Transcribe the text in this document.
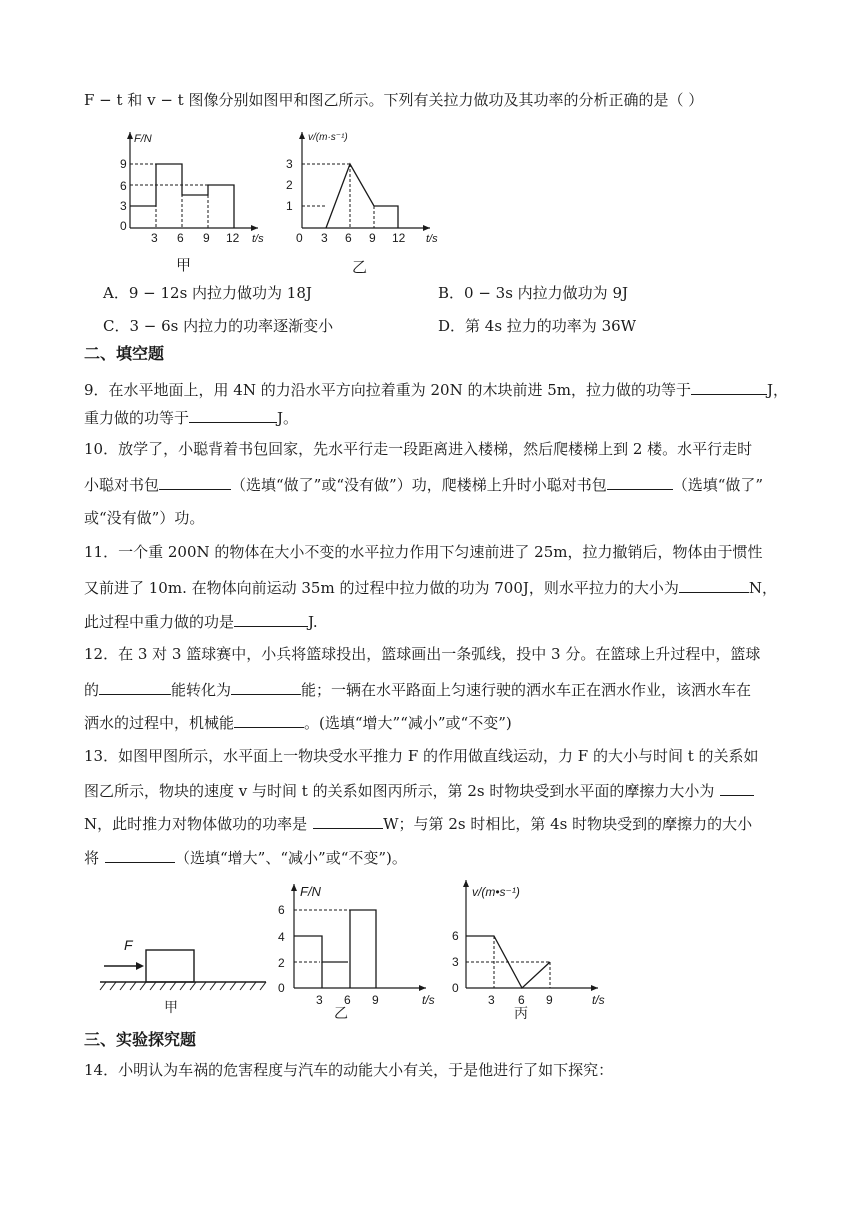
F − t 和 v − t 图像分别如图甲和图乙所示。下列有关拉力做功及其功率的分析正确的是（ ）
F/N
t/s
9
6
3
0
3 6 9 12
甲
v/(m·s⁻¹)
t/s
3
2
1
0 3 6 9 12
乙
A．9 − 12s 内拉力做功为 18J	B．0 − 3s 内拉力做功为 9J
C．3 − 6s 内拉力的功率逐渐变小	D．第 4s 拉力的功率为 36W
二、填空题
9．在水平地面上，用 4N 的力沿水平方向拉着重为 20N 的木块前进 5m，拉力做的功等于	J，
重力做的功等于	J。
10．放学了，小聪背着书包回家，先水平行走一段距离进入楼梯，然后爬楼梯上到 2 楼。水平行走时
小聪对书包	（选填“做了”或“没有做”）功，爬楼梯上升时小聪对书包	（选填“做了”
或“没有做”）功。
11．一个重 200N 的物体在大小不变的水平拉力作用下匀速前进了 25m，拉力撤销后，物体由于惯性
又前进了 10m. 在物体向前运动 35m 的过程中拉力做的功为 700J，则水平拉力的大小为	N，
此过程中重力做的功是	J.
12．在 3 对 3 篮球赛中，小兵将篮球投出，篮球画出一条弧线，投中 3 分。在篮球上升过程中，篮球
的	能转化为	能；一辆在水平路面上匀速行驶的洒水车正在洒水作业，该洒水车在
洒水的过程中，机械能	。(选填“增大”“减小”或“不变”)
13．如图甲图所示，水平面上一物块受水平推力 F 的作用做直线运动，力 F 的大小与时间 t 的关系如
图乙所示，物块的速度 v 与时间 t 的关系如图丙所示，第 2s 时物块受到水平面的摩擦力大小为
N，此时推力对物体做功的功率是	W；与第 2s 时相比，第 4s 时物块受到的摩擦力的大小
将	（选填“增大”、“减小”或“不变”)。
F
甲
F/N
t/s
6
4
2
0
3 6 9
乙
v/(m•s⁻¹)
t/s
6
3
0
3 6 9
丙
三、实验探究题
14．小明认为车祸的危害程度与汽车的动能大小有关，于是他进行了如下探究：
